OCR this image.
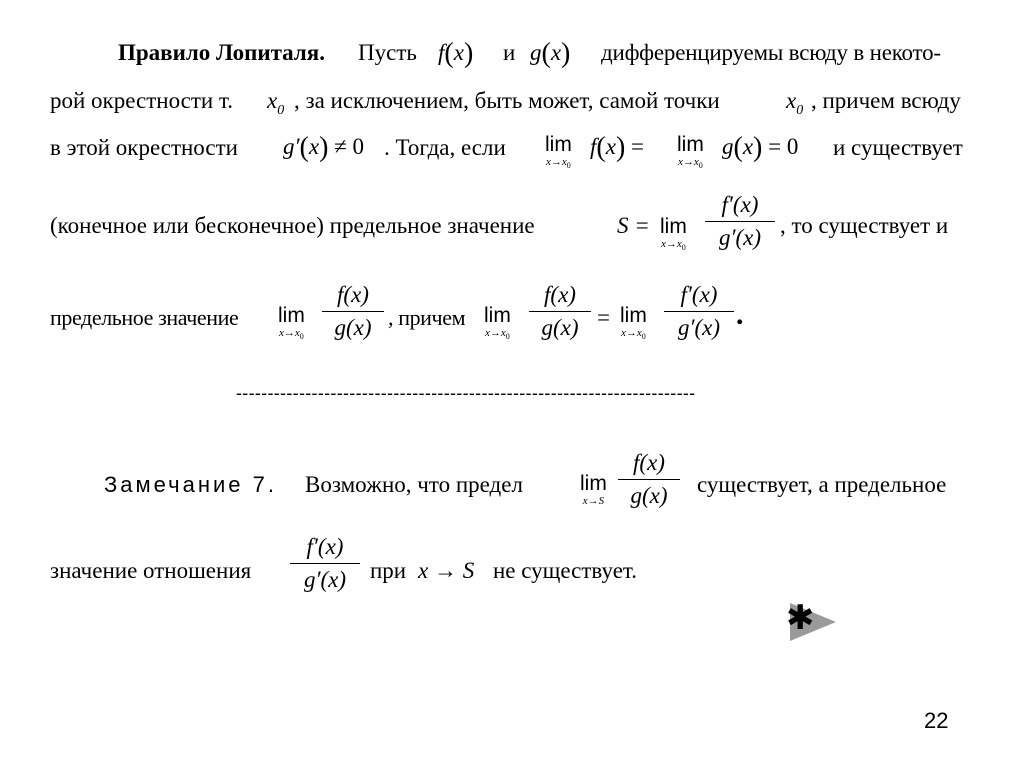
Правило Лопиталя. Пусть f(x) и g(x) дифференцируемы всюду в некото-
рой окрестности т. $x_0$ , за исключением, быть может, самой точки	$x_0$ , причем всюду
в этой окрестности g′(x) ≠ 0 . Тогда, если lim
$x\to x_0$
f(x) = lim
$x\to x_0$
g(x) = 0 и существует
(конечное или бесконечное) предельное значение	S = lim
$x\to x_0$
f′(x)
g′(x) , то существует и
предельное значение lim
$x\to x_0$
f(x)
g(x) , причем lim
$x\to x_0$
f(x)
g(x) = lim
$x\to x_0$
f′(x)
g′(x) .
-------------------------------------------------------------------------
Замечание 7. Возможно, что предел	lim
x→S
f(x)
g(x)	существует, а предельное
значение отношения
f′(x)
g′(x)	при x → S не существует.
✱
22
